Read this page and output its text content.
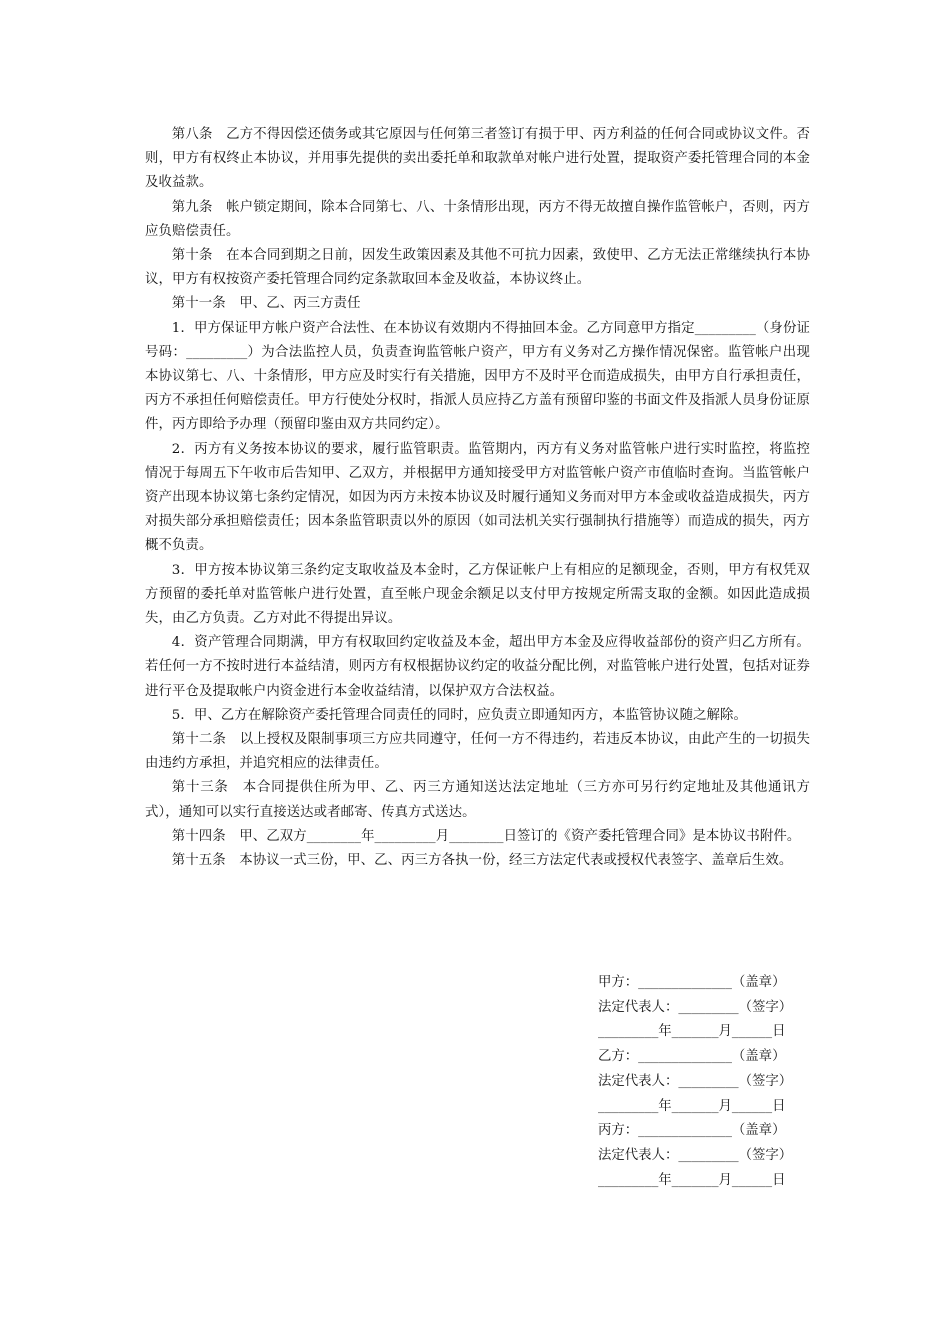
第八条　乙方不得因偿还债务或其它原因与任何第三者签订有损于甲、丙方利益的任何合同或协议文件。否则，甲方有权终止本协议，并用事先提供的卖出委托单和取款单对帐户进行处置，提取资产委托管理合同的本金及收益款。

第九条　帐户锁定期间，除本合同第七、八、十条情形出现，丙方不得无故擅自操作监管帐户，否则，丙方应负赔偿责任。

第十条　在本合同到期之日前，因发生政策因素及其他不可抗力因素，致使甲、乙方无法正常继续执行本协议，甲方有权按资产委托管理合同约定条款取回本金及收益，本协议终止。

第十一条　甲、乙、丙三方责任

1．甲方保证甲方帐户资产合法性、在本协议有效期内不得抽回本金。乙方同意甲方指定_________（身份证号码：_________）为合法监控人员，负责查询监管帐户资产，甲方有义务对乙方操作情况保密。监管帐户出现本协议第七、八、十条情形，甲方应及时实行有关措施，因甲方不及时平仓而造成损失，由甲方自行承担责任，丙方不承担任何赔偿责任。甲方行使处分权时，指派人员应持乙方盖有预留印鉴的书面文件及指派人员身份证原件，丙方即给予办理（预留印鉴由双方共同约定）。

2．丙方有义务按本协议的要求，履行监管职责。监管期内，丙方有义务对监管帐户进行实时监控，将监控情况于每周五下午收市后告知甲、乙双方，并根据甲方通知接受甲方对监管帐户资产市值临时查询。当监管帐户资产出现本协议第七条约定情况，如因为丙方未按本协议及时履行通知义务而对甲方本金或收益造成损失，丙方对损失部分承担赔偿责任；因本条监管职责以外的原因（如司法机关实行强制执行措施等）而造成的损失，丙方概不负责。

3．甲方按本协议第三条约定支取收益及本金时，乙方保证帐户上有相应的足额现金，否则，甲方有权凭双方预留的委托单对监管帐户进行处置，直至帐户现金余额足以支付甲方按规定所需支取的金额。如因此造成损失，由乙方负责。乙方对此不得提出异议。

4．资产管理合同期满，甲方有权取回约定收益及本金，超出甲方本金及应得收益部份的资产归乙方所有。若任何一方不按时进行本益结清，则丙方有权根据协议约定的收益分配比例，对监管帐户进行处置，包括对证券进行平仓及提取帐户内资金进行本金收益结清，以保护双方合法权益。

5．甲、乙方在解除资产委托管理合同责任的同时，应负责立即通知丙方，本监管协议随之解除。

第十二条　以上授权及限制事项三方应共同遵守，任何一方不得违约，若违反本协议，由此产生的一切损失由违约方承担，并追究相应的法律责任。

第十三条　本合同提供住所为甲、乙、丙三方通知送达法定地址（三方亦可另行约定地址及其他通讯方式），通知可以实行直接送达或者邮寄、传真方式送达。

第十四条　甲、乙双方________年_________月________日签订的《资产委托管理合同》是本协议书附件。

第十五条　本协议一式三份，甲、乙、丙三方各执一份，经三方法定代表或授权代表签字、盖章后生效。

甲方：______________（盖章）
法定代表人：_________（签字）
_________年_______月______日
乙方：______________（盖章）
法定代表人：_________（签字）
_________年_______月______日
丙方：______________（盖章）
法定代表人：_________（签字）
_________年_______月______日
